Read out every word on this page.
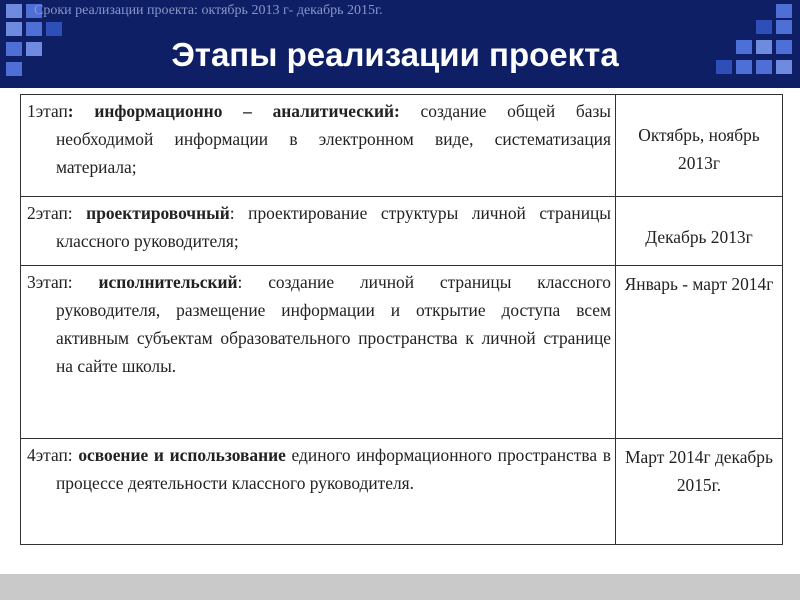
Сроки реализации проекта: октябрь 2013 г- декабрь 2015г.
Этапы реализации проекта
1этап: информационно – аналитический: создание общей базы необходимой информации в электронном виде, систематизация материала;	Октябрь, ноябрь 2013г

2этап: проектировочный: проектирование структуры личной страницы классного руководителя;	Декабрь 2013г

3этап: исполнительский: создание личной страницы классного руководителя, размещение информации и открытие доступа всем активным субъектам образовательного пространства к личной странице на сайте школы.	Январь - март 2014г

4этап: освоение и использование единого информационного пространства в процессе деятельности классного руководителя.	Март 2014г декабрь 2015г.
